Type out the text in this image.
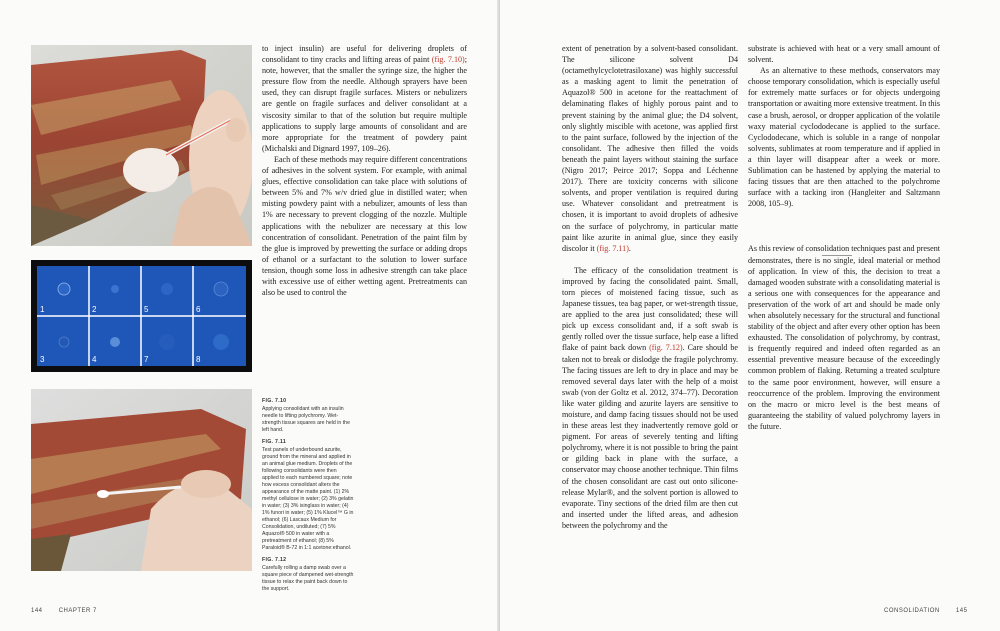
1	2	5	6
3	4	7	8

to inject insulin) are useful for delivering droplets of consolidant to tiny cracks and lifting areas of paint (fig. 7.10); note, however, that the smaller the syringe size, the higher the pressure flow from the needle. Although sprayers have been used, they can disrupt fragile surfaces. Misters or nebulizers are gentle on fragile surfaces and deliver consolidant at a viscosity similar to that of the solution but require multiple applications to supply large amounts of consolidant and are more appropriate for the treatment of powdery paint (Michalski and Dignard 1997, 109–26).

Each of these methods may require different concentrations of adhesives in the solvent system. For example, with animal glues, effective consolidation can take place with solutions of between 5% and 7% w/v dried glue in distilled water; when misting powdery paint with a nebulizer, amounts of less than 1% are necessary to prevent clogging of the nozzle. Multiple applications with the nebulizer are necessary at this low concentration of consolidant. Penetration of the paint film by the glue is improved by prewetting the surface or adding drops of ethanol or a surfactant to the solution to lower surface tension, though some loss in adhesive strength can take place with excessive use of either wetting agent. Pretreatments can also be used to control the

FIG. 7.10
Applying consolidant with an insulin needle to lifting polychromy. Wet-strength tissue squares are held in the left hand.
FIG. 7.11
Test panels of underbound azurite, ground from the mineral and applied in an animal glue medium. Droplets of the following consolidants were then applied to each numbered square; note how excess consolidant alters the appearance of the matte paint. (1) 2% methyl cellulose in water; (2) 3% gelatin in water; (3) 3% isinglass in water; (4) 1% funori in water; (5) 1% Klucel™ G in ethanol; (6) Lascaux Medium for Consolidation, undiluted; (7) 5% Aquazol® 500 in water with a pretreatment of ethanol; (8) 5% Paraloid® B-72 in 1:1 acetone:ethanol.
FIG. 7.12
Carefully rolling a damp swab over a square piece of dampened wet-strength tissue to relax the paint back down to the support.
144	CHAPTER 7

extent of penetration by a solvent-based consolidant. The silicone solvent D4 (octamethylcyclotetrasiloxane) was highly successful as a masking agent to limit the penetration of Aquazol® 500 in acetone for the reattachment of delaminating flakes of highly porous paint and to prevent staining by the animal glue; the D4 solvent, only slightly miscible with acetone, was applied first to the paint surface, followed by the injection of the consolidant. The adhesive then filled the voids beneath the paint layers without staining the surface (Nigro 2017; Peirce 2017; Soppa and Léchenne 2017). There are toxicity concerns with silicone solvents, and proper ventilation is required during use. Whatever consolidant and pretreatment is chosen, it is important to avoid droplets of adhesive on the surface of polychromy, in particular matte paint like azurite in animal glue, since they easily discolor it (fig. 7.11).

The efficacy of the consolidation treatment is improved by facing the consolidated paint. Small, torn pieces of moistened facing tissue, such as Japanese tissues, tea bag paper, or wet-strength tissue, are applied to the area just consolidated; these will pick up excess consolidant and, if a soft swab is gently rolled over the tissue surface, help ease a lifted flake of paint back down (fig. 7.12). Care should be taken not to break or dislodge the fragile polychromy. The facing tissues are left to dry in place and may be removed several days later with the help of a moist swab (von der Goltz et al. 2012, 374–77). Decoration like water gilding and azurite layers are sensitive to moisture, and damp facing tissues should not be used in these areas lest they inadvertently remove gold or pigment. For areas of severely tenting and lifting polychromy, where it is not possible to bring the paint or gilding back in plane with the surface, a conservator may choose another technique. Thin films of the chosen consolidant are cast out onto silicone-release Mylar®, and the solvent portion is allowed to evaporate. Tiny sections of the dried film are then cut and inserted under the lifted areas, and adhesion between the polychromy and the

substrate is achieved with heat or a very small amount of solvent.

As an alternative to these methods, conservators may choose temporary consolidation, which is especially useful for extremely matte surfaces or for objects undergoing transportation or awaiting more extensive treatment. In this case a brush, aerosol, or dropper application of the volatile waxy material cyclododecane is applied to the surface. Cyclododecane, which is soluble in a range of nonpolar solvents, sublimates at room temperature and if applied in a thin layer will disappear after a week or more. Sublimation can be hastened by applying the material to facing tissues that are then attached to the polychrome surface with a tacking iron (Hangleiter and Saltzmann 2008, 105–9).

As this review of consolidation techniques past and present demonstrates, there is no single, ideal material or method of application. In view of this, the decision to treat a damaged wooden substrate with a consolidating material is a serious one with consequences for the appearance and preservation of the work of art and should be made only when absolutely necessary for the structural and functional stability of the object and after every other option has been exhausted. The consolidation of polychromy, by contrast, is frequently required and indeed often regarded as an essential preventive measure because of the exceedingly common problem of flaking. Returning a treated sculpture to the same poor environment, however, will ensure a reoccurrence of the problem. Improving the environment on the macro or micro level is the best means of guaranteeing the stability of valued polychromy layers in the future.

CONSOLIDATION	145
